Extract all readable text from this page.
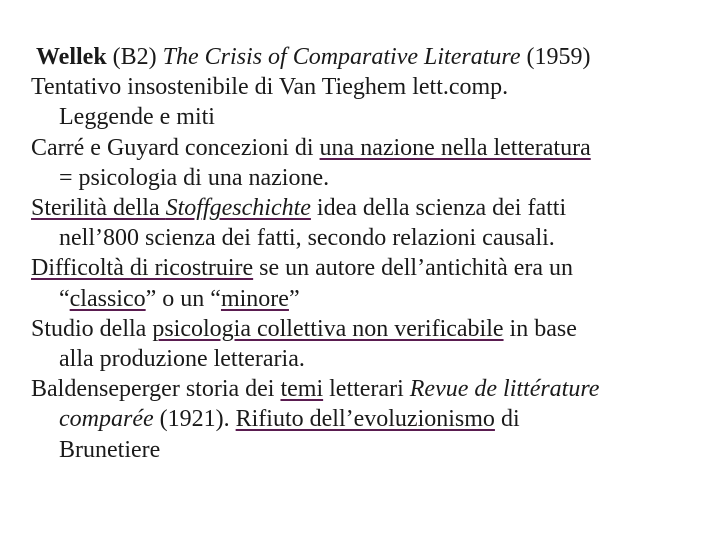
Wellek (B2) The Crisis of Comparative Literature (1959)

Tentativo insostenibile di Van Tieghem lett.comp.
Leggende e miti

Carré e Guyard concezioni di una nazione nella letteratura
= psicologia di una nazione.

Sterilità della Stoffgeschichte idea della scienza dei fatti
nell’800 scienza dei fatti, secondo relazioni causali.

Difficoltà di ricostruire se un autore dell’antichità era un
“classico” o un “minore”

Studio della psicologia collettiva non verificabile in base
alla produzione letteraria.

Baldenseperger storia dei temi letterari Revue de littérature
comparée (1921). Rifiuto dell’evoluzionismo di
Brunetiere
